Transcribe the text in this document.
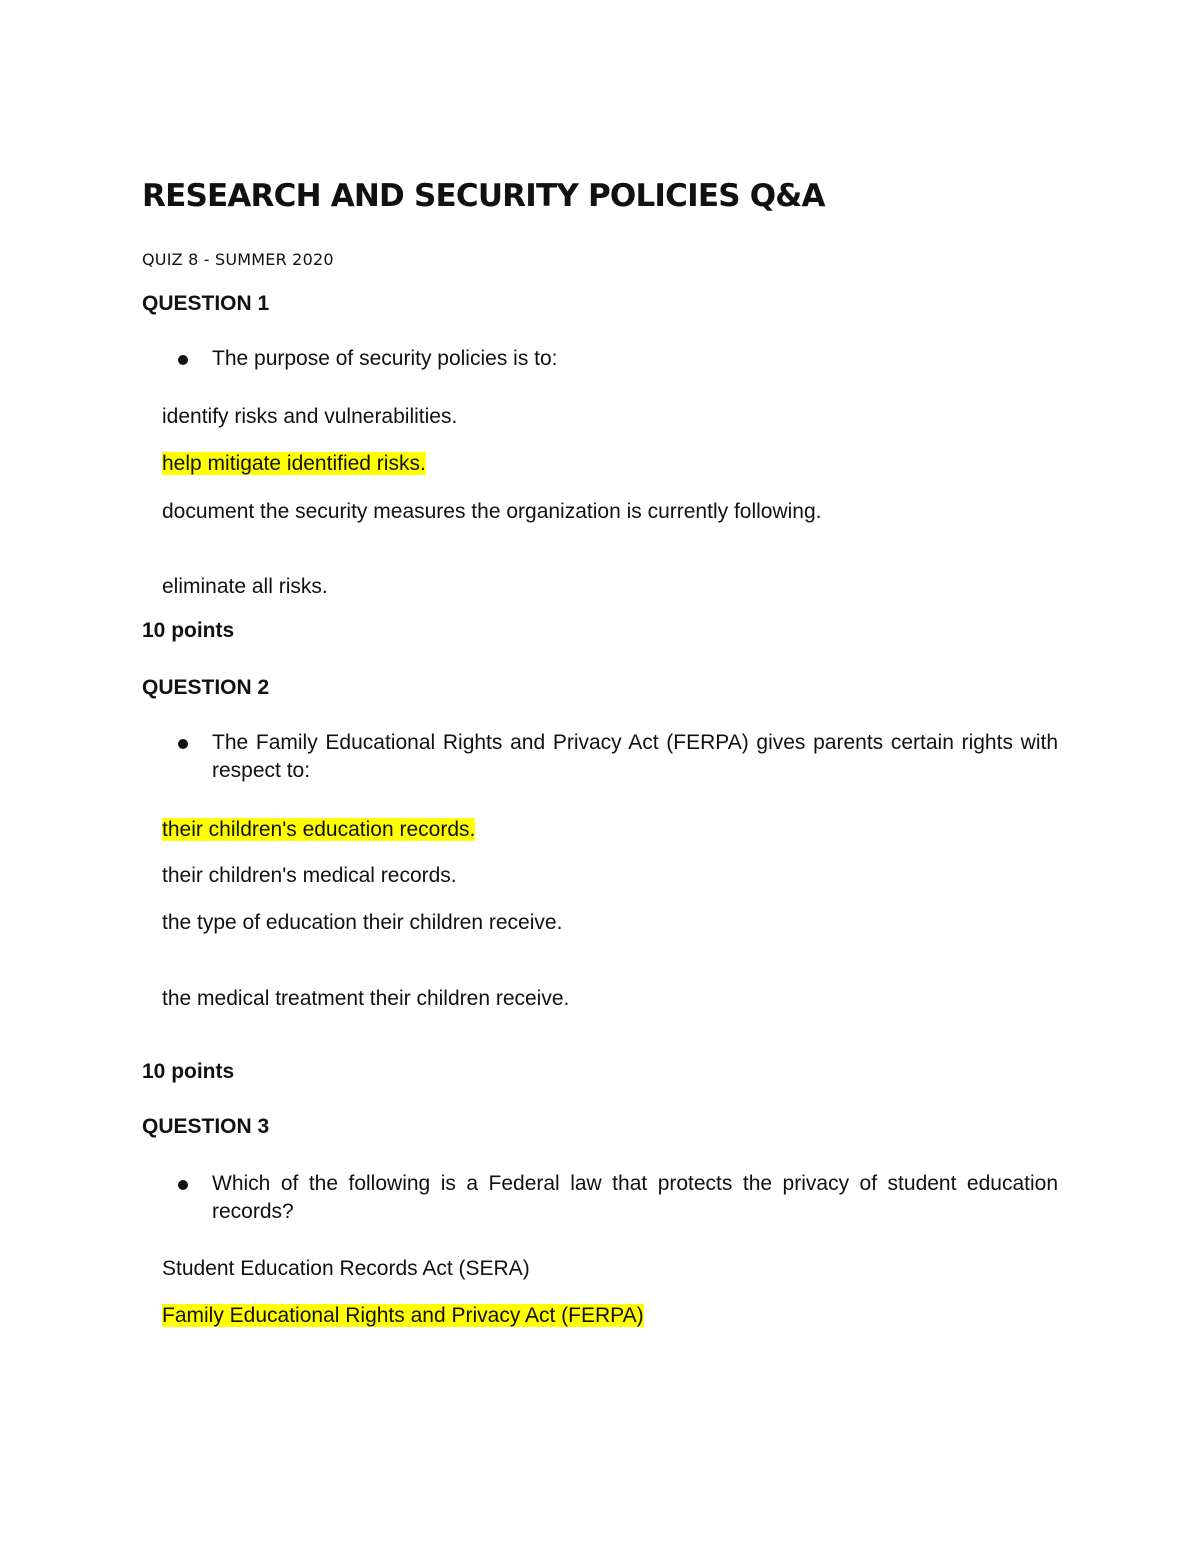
RESEARCH AND SECURITY POLICIES Q&A
QUIZ 8 - SUMMER 2020
QUESTION 1
The purpose of security policies is to:
identify risks and vulnerabilities.
help mitigate identified risks.
document the security measures the organization is currently following.
eliminate all risks.
10 points
QUESTION 2
The Family Educational Rights and Privacy Act (FERPA) gives parents certain rights with respect to:
their children's education records.
their children's medical records.
the type of education their children receive.
the medical treatment their children receive.
10 points
QUESTION 3
Which of the following is a Federal law that protects the privacy of student education records?
Student Education Records Act (SERA)
Family Educational Rights and Privacy Act (FERPA)
